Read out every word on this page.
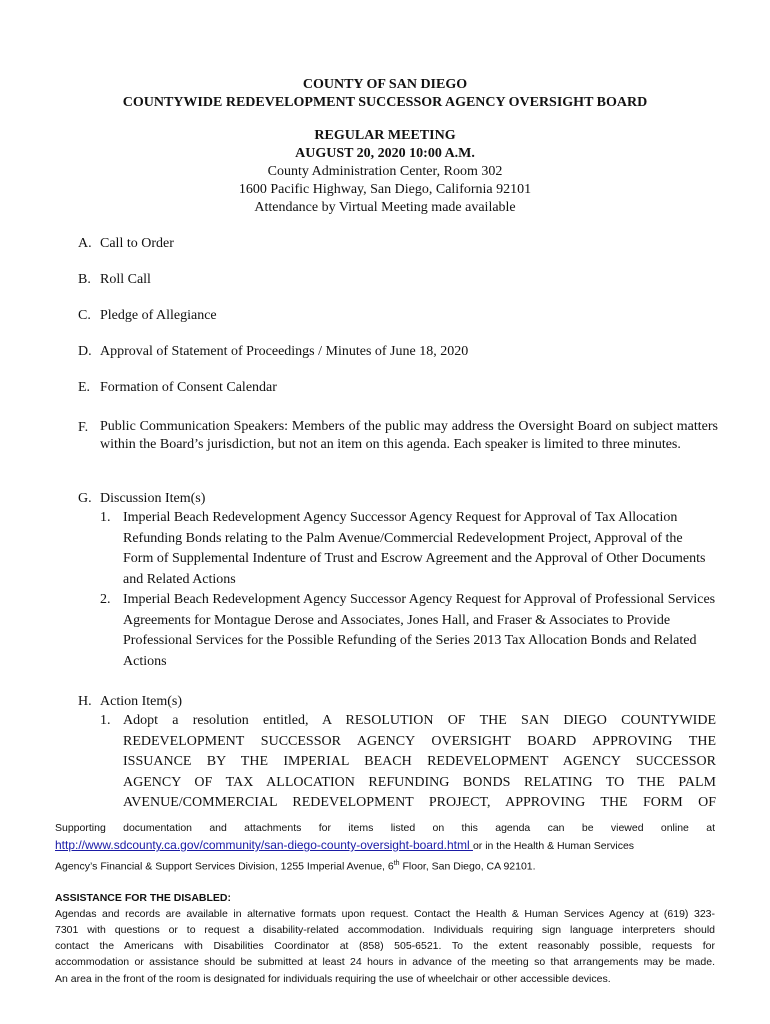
COUNTY OF SAN DIEGO
COUNTYWIDE REDEVELOPMENT SUCCESSOR AGENCY OVERSIGHT BOARD
REGULAR MEETING
AUGUST 20, 2020 10:00 A.M.
County Administration Center, Room 302
1600 Pacific Highway, San Diego, California 92101
Attendance by Virtual Meeting made available
A. Call to Order
B. Roll Call
C. Pledge of Allegiance
D. Approval of Statement of Proceedings / Minutes of June 18, 2020
E. Formation of Consent Calendar
F. Public Communication Speakers: Members of the public may address the Oversight Board on subject matters within the Board’s jurisdiction, but not an item on this agenda. Each speaker is limited to three minutes.
G. Discussion Item(s)
1. Imperial Beach Redevelopment Agency Successor Agency Request for Approval of Tax Allocation Refunding Bonds relating to the Palm Avenue/Commercial Redevelopment Project, Approval of the Form of Supplemental Indenture of Trust and Escrow Agreement and the Approval of Other Documents and Related Actions
2. Imperial Beach Redevelopment Agency Successor Agency Request for Approval of Professional Services Agreements for Montague Derose and Associates, Jones Hall, and Fraser & Associates to Provide Professional Services for the Possible Refunding of the Series 2013 Tax Allocation Bonds and Related Actions
H. Action Item(s)
1. Adopt a resolution entitled, A RESOLUTION OF THE SAN DIEGO COUNTYWIDE
REDEVELOPMENT SUCCESSOR AGENCY OVERSIGHT BOARD APPROVING THE
ISSUANCE BY THE IMPERIAL BEACH REDEVELOPMENT AGENCY SUCCESSOR
AGENCY OF TAX ALLOCATION REFUNDING BONDS RELATING TO THE PALM
AVENUE/COMMERCIAL REDEVELOPMENT PROJECT, APPROVING THE FORM OF
Supporting documentation and attachments for items listed on this agenda can be viewed online at
http://www.sdcounty.ca.gov/community/san-diego-county-oversight-board.html or in the Health & Human Services
Agency’s Financial & Support Services Division, 1255 Imperial Avenue, 6th Floor, San Diego, CA 92101.
ASSISTANCE FOR THE DISABLED:
Agendas and records are available in alternative formats upon request. Contact the Health & Human Services Agency at (619) 323-
7301 with questions or to request a disability-related accommodation. Individuals requiring sign language interpreters should
contact the Americans with Disabilities Coordinator at (858) 505-6521. To the extent reasonably possible, requests for
accommodation or assistance should be submitted at least 24 hours in advance of the meeting so that arrangements may be made.
An area in the front of the room is designated for individuals requiring the use of wheelchair or other accessible devices.
